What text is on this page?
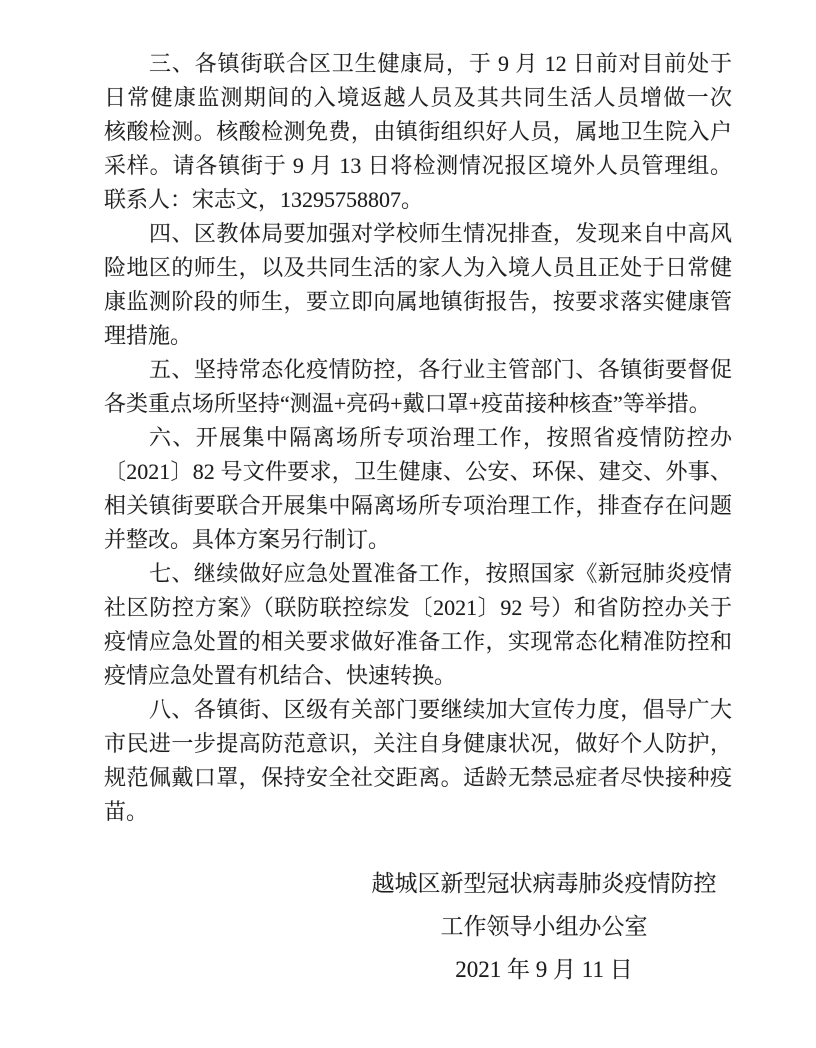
三、各镇街联合区卫生健康局，于 9 月 12 日前对目前处于
日常健康监测期间的入境返越人员及其共同生活人员增做一次
核酸检测。核酸检测免费，由镇街组织好人员，属地卫生院入户
采样。请各镇街于 9 月 13 日将检测情况报区境外人员管理组。
联系人：宋志文，13295758807。
四、区教体局要加强对学校师生情况排查，发现来自中高风
险地区的师生，以及共同生活的家人为入境人员且正处于日常健
康监测阶段的师生，要立即向属地镇街报告，按要求落实健康管
理措施。
五、坚持常态化疫情防控，各行业主管部门、各镇街要督促
各类重点场所坚持“测温+亮码+戴口罩+疫苗接种核查”等举措。
六、开展集中隔离场所专项治理工作，按照省疫情防控办
〔2021〕82 号文件要求，卫生健康、公安、环保、建交、外事、
相关镇街要联合开展集中隔离场所专项治理工作，排查存在问题
并整改。具体方案另行制订。
七、继续做好应急处置准备工作，按照国家《新冠肺炎疫情
社区防控方案》（联防联控综发〔2021〕92 号）和省防控办关于
疫情应急处置的相关要求做好准备工作，实现常态化精准防控和
疫情应急处置有机结合、快速转换。
八、各镇街、区级有关部门要继续加大宣传力度，倡导广大
市民进一步提高防范意识，关注自身健康状况，做好个人防护，
规范佩戴口罩，保持安全社交距离。适龄无禁忌症者尽快接种疫
苗。
越城区新型冠状病毒肺炎疫情防控
工作领导小组办公室
2021 年 9 月 11 日
